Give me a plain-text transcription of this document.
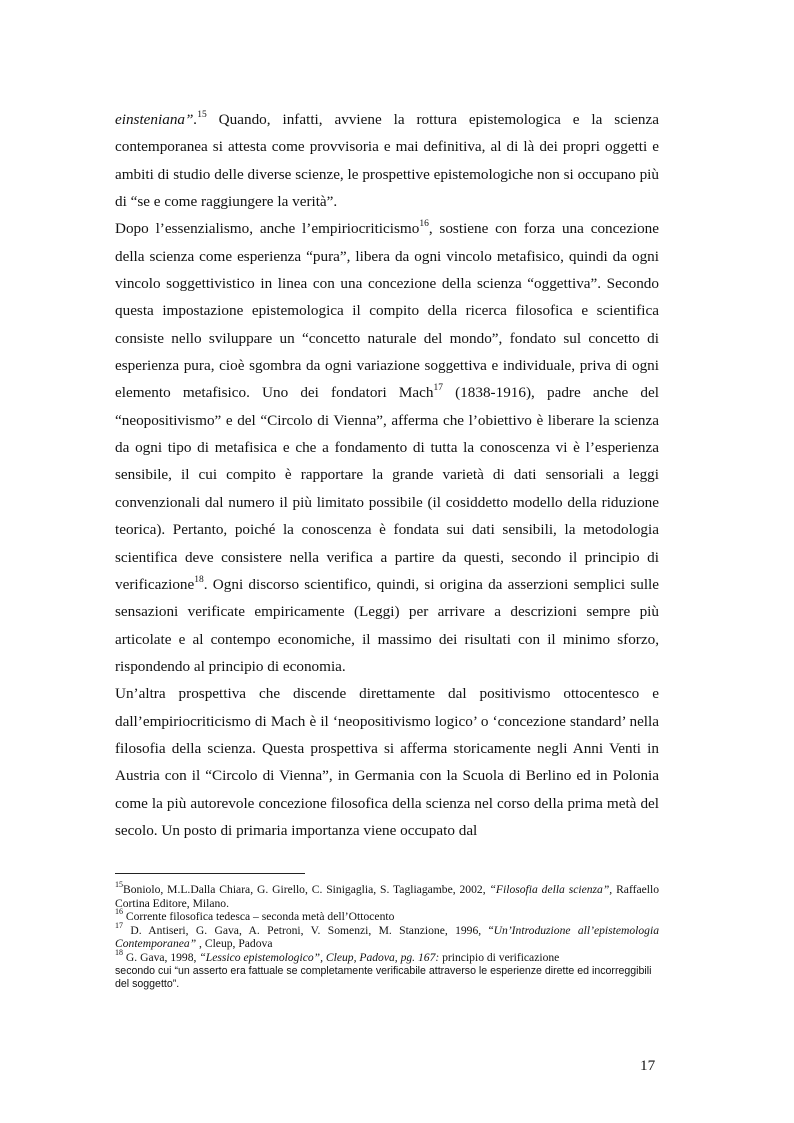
einsteniana”.$^{15}$ Quando, infatti, avviene la rottura epistemologica e la scienza contemporanea si attesta come provvisoria e mai definitiva, al di là dei propri oggetti e ambiti di studio delle diverse scienze, le prospettive epistemologiche non si occupano più di “se e come raggiungere la verità”.

Dopo l’essenzialismo, anche l’empiriocriticismo$^{16}$, sostiene con forza una concezione della scienza come esperienza “pura”, libera da ogni vincolo metafisico, quindi da ogni vincolo soggettivistico in linea con una concezione della scienza “oggettiva”. Secondo questa impostazione epistemologica il compito della ricerca filosofica e scientifica consiste nello sviluppare un “concetto naturale del mondo”, fondato sul concetto di esperienza pura, cioè sgombra da ogni variazione soggettiva e individuale, priva di ogni elemento metafisico. Uno dei fondatori Mach$^{17}$ (1838-1916), padre anche del “neopositivismo” e del “Circolo di Vienna”, afferma che l’obiettivo è liberare la scienza da ogni tipo di metafisica e che a fondamento di tutta la conoscenza vi è l’esperienza sensibile, il cui compito è rapportare la grande varietà di dati sensoriali a leggi convenzionali dal numero il più limitato possibile (il cosiddetto modello della riduzione teorica). Pertanto, poiché la conoscenza è fondata sui dati sensibili, la metodologia scientifica deve consistere nella verifica a partire da questi, secondo il principio di verificazione$^{18}$. Ogni discorso scientifico, quindi, si origina da asserzioni semplici sulle sensazioni verificate empiricamente (Leggi) per arrivare a descrizioni sempre più articolate e al contempo economiche, il massimo dei risultati con il minimo sforzo, rispondendo al principio di economia.

Un’altra prospettiva che discende direttamente dal positivismo ottocentesco e dall’empiriocriticismo di Mach è il ‘neopositivismo logico’ o ‘concezione standard’ nella filosofia della scienza. Questa prospettiva si afferma storicamente negli Anni Venti in Austria con il “Circolo di Vienna”, in Germania con la Scuola di Berlino ed in Polonia come la più autorevole concezione filosofica della scienza nel corso della prima metà del secolo. Un posto di primaria importanza viene occupato dal

$^{15}$Boniolo, M.L.Dalla Chiara, G. Girello, C. Sinigaglia, S. Tagliagambe, 2002, “Filosofia della scienza”, Raffaello Cortina Editore, Milano.

$^{16}$ Corrente filosofica tedesca – seconda metà dell’Ottocento

$^{17}$ D. Antiseri, G. Gava, A. Petroni, V. Somenzi, M. Stanzione, 1996, “Un’Introduzione all’epistemologia Contemporanea” , Cleup, Padova

$^{18}$ G. Gava, 1998, “Lessico epistemologico”, Cleup, Padova, pg. 167: principio di verificazione

secondo cui “un asserto era fattuale se completamente verificabile attraverso le esperienze dirette ed incorreggibili del soggetto”.

17
